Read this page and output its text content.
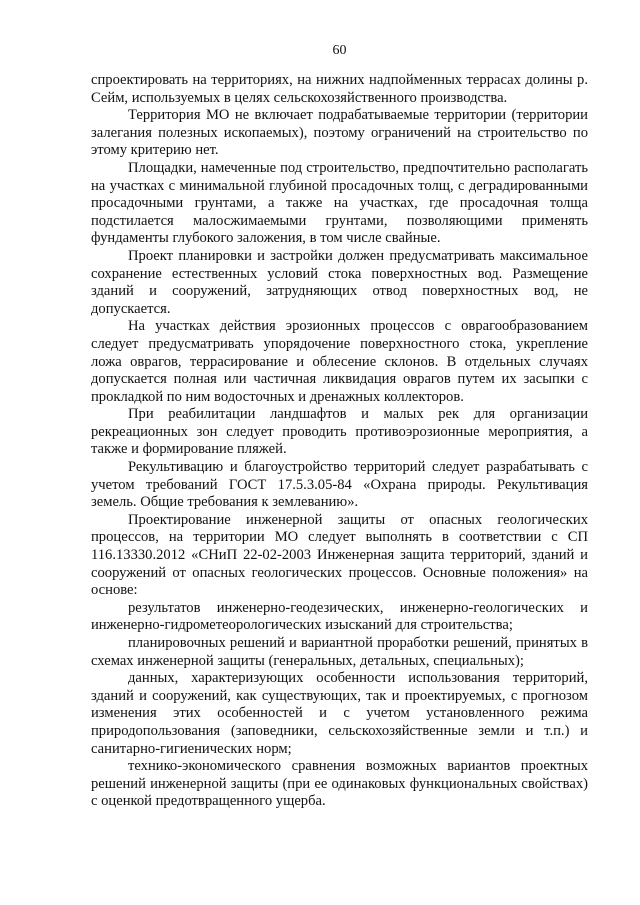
60

спроектировать на территориях, на нижних надпойменных террасах долины р. Сейм, используемых в целях сельскохозяйственного производства.

Территория МО не включает подрабатываемые территории (территории залегания полезных ископаемых), поэтому ограничений на строительство по этому критерию нет.

Площадки, намеченные под строительство, предпочтительно располагать на участках с минимальной глубиной просадочных толщ, с деградированными просадочными грунтами, а также на участках, где просадочная толща подстилается малосжимаемыми грунтами, позволяющими применять фундаменты глубокого заложения, в том числе свайные.

Проект планировки и застройки должен предусматривать максимальное сохранение естественных условий стока поверхностных вод. Размещение зданий и сооружений, затрудняющих отвод поверхностных вод, не допускается.

На участках действия эрозионных процессов с оврагообразованием следует предусматривать упорядочение поверхностного стока, укрепление ложа оврагов, террасирование и облесение склонов. В отдельных случаях допускается полная или частичная ликвидация оврагов путем их засыпки с прокладкой по ним водосточных и дренажных коллекторов.

При реабилитации ландшафтов и малых рек для организации рекреационных зон следует проводить противоэрозионные мероприятия, а также и формирование пляжей.

Рекультивацию и благоустройство территорий следует разрабатывать с учетом требований ГОСТ 17.5.3.05-84 «Охрана природы. Рекультивация земель. Общие требования к землеванию».

Проектирование инженерной защиты от опасных геологических процессов, на территории МО следует выполнять в соответствии с СП 116.13330.2012 «СНиП 22-02-2003 Инженерная защита территорий, зданий и сооружений от опасных геологических процессов. Основные положения» на основе:

результатов инженерно-геодезических, инженерно-геологических и инженерно-гидрометеорологических изысканий для строительства;

планировочных решений и вариантной проработки решений, принятых в схемах инженерной защиты (генеральных, детальных, специальных);

данных, характеризующих особенности использования территорий, зданий и сооружений, как существующих, так и проектируемых, с прогнозом изменения этих особенностей и с учетом установленного режима природопользования (заповедники, сельскохозяйственные земли и т.п.) и санитарно-гигиенических норм;

технико-экономического сравнения возможных вариантов проектных решений инженерной защиты (при ее одинаковых функциональных свойствах) с оценкой предотвращенного ущерба.
